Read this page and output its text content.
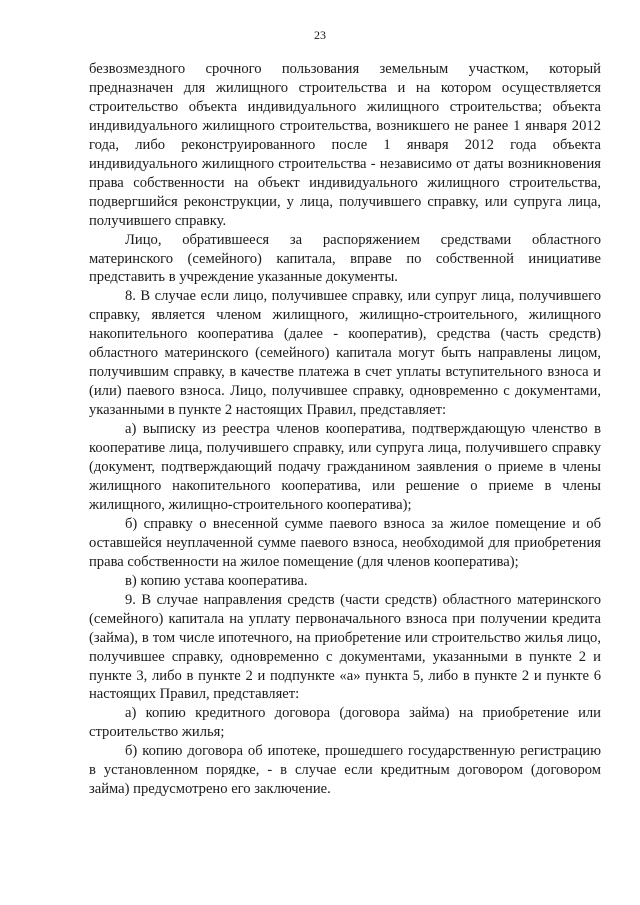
23

безвозмездного срочного пользования земельным участком, который предназначен для жилищного строительства и на котором осуществляется строительство объекта индивидуального жилищного строительства; объекта индивидуального жилищного строительства, возникшего не ранее 1 января 2012 года, либо реконструированного после 1 января 2012 года объекта индивидуального жилищного строительства - независимо от даты возникновения права собственности на объект индивидуального жилищного строительства, подвергшийся реконструкции, у лица, получившего справку, или супруга лица, получившего справку.

Лицо, обратившееся за распоряжением средствами областного материнского (семейного) капитала, вправе по собственной инициативе представить в учреждение указанные документы.

8. В случае если лицо, получившее справку, или супруг лица, получившего справку, является членом жилищного, жилищно-строительного, жилищного накопительного кооператива (далее - кооператив), средства (часть средств) областного материнского (семейного) капитала могут быть направлены лицом, получившим справку, в качестве платежа в счет уплаты вступительного взноса и (или) паевого взноса. Лицо, получившее справку, одновременно с документами, указанными в пункте 2 настоящих Правил, представляет:

а) выписку из реестра членов кооператива, подтверждающую членство в кооперативе лица, получившего справку, или супруга лица, получившего справку (документ, подтверждающий подачу гражданином заявления о приеме в члены жилищного накопительного кооператива, или решение о приеме в члены жилищного, жилищно-строительного кооператива);

б) справку о внесенной сумме паевого взноса за жилое помещение и об оставшейся неуплаченной сумме паевого взноса, необходимой для приобретения права собственности на жилое помещение (для членов кооператива);

в) копию устава кооператива.

9. В случае направления средств (части средств) областного материнского (семейного) капитала на уплату первоначального взноса при получении кредита (займа), в том числе ипотечного, на приобретение или строительство жилья лицо, получившее справку, одновременно с документами, указанными в пункте 2 и пункте 3, либо в пункте 2 и подпункте «а» пункта 5, либо в пункте 2 и пункте 6 настоящих Правил, представляет:

а) копию кредитного договора (договора займа) на приобретение или строительство жилья;

б) копию договора об ипотеке, прошедшего государственную регистрацию в установленном порядке, - в случае если кредитным договором (договором займа) предусмотрено его заключение.
